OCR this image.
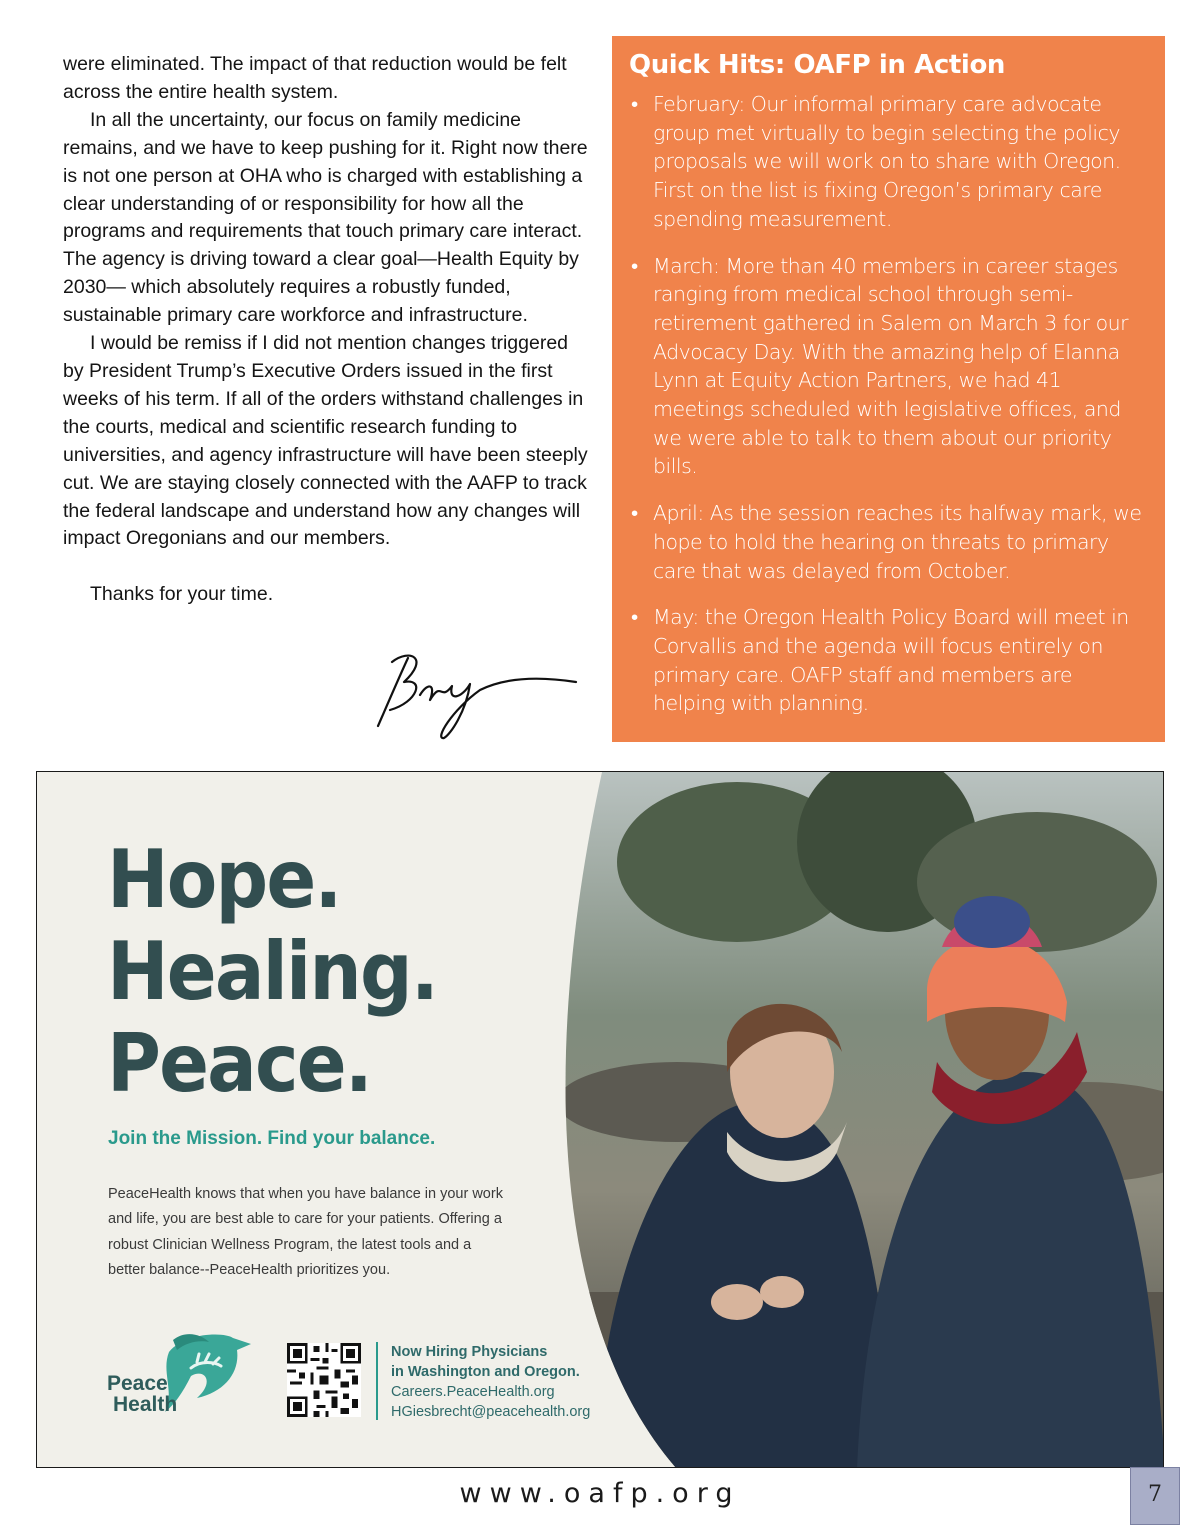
were eliminated. The impact of that reduction would be felt across the entire health system.

In all the uncertainty, our focus on family medicine remains, and we have to keep pushing for it. Right now there is not one person at OHA who is charged with establishing a clear understanding of or responsibility for how all the programs and requirements that touch primary care interact. The agency is driving toward a clear goal—Health Equity by 2030— which absolutely requires a robustly funded, sustainable primary care workforce and infrastructure.

I would be remiss if I did not mention changes triggered by President Trump’s Executive Orders issued in the first weeks of his term. If all of the orders withstand challenges in the courts, medical and scientific research funding to universities, and agency infrastructure will have been steeply cut. We are staying closely connected with the AAFP to track the federal landscape and understand how any changes will impact Oregonians and our members.

Thanks for your time.

Quick Hits: OAFP in Action
• February: Our informal primary care advocate group met virtually to begin selecting the policy proposals we will work on to share with Oregon. First on the list is fixing Oregon’s primary care spending measurement.
• March: More than 40 members in career stages ranging from medical school through semi-retirement gathered in Salem on March 3 for our Advocacy Day. With the amazing help of Elanna Lynn at Equity Action Partners, we had 41 meetings scheduled with legislative offices, and we were able to talk to them about our priority bills.
• April: As the session reaches its halfway mark, we hope to hold the hearing on threats to primary care that was delayed from October.
• May: the Oregon Health Policy Board will meet in Corvallis and the agenda will focus entirely on primary care. OAFP staff and members are helping with planning.
Hope.
Healing.
Peace.
Join the Mission. Find your balance.
PeaceHealth knows that when you have balance in your work and life, you are best able to care for your patients. Offering a robust Clinician Wellness Program, the latest tools and a better balance--PeaceHealth prioritizes you.
Peace
Health
Now Hiring Physicians
in Washington and Oregon.
Careers.PeaceHealth.org
HGiesbrecht@peacehealth.org
www.oafp.org	7
